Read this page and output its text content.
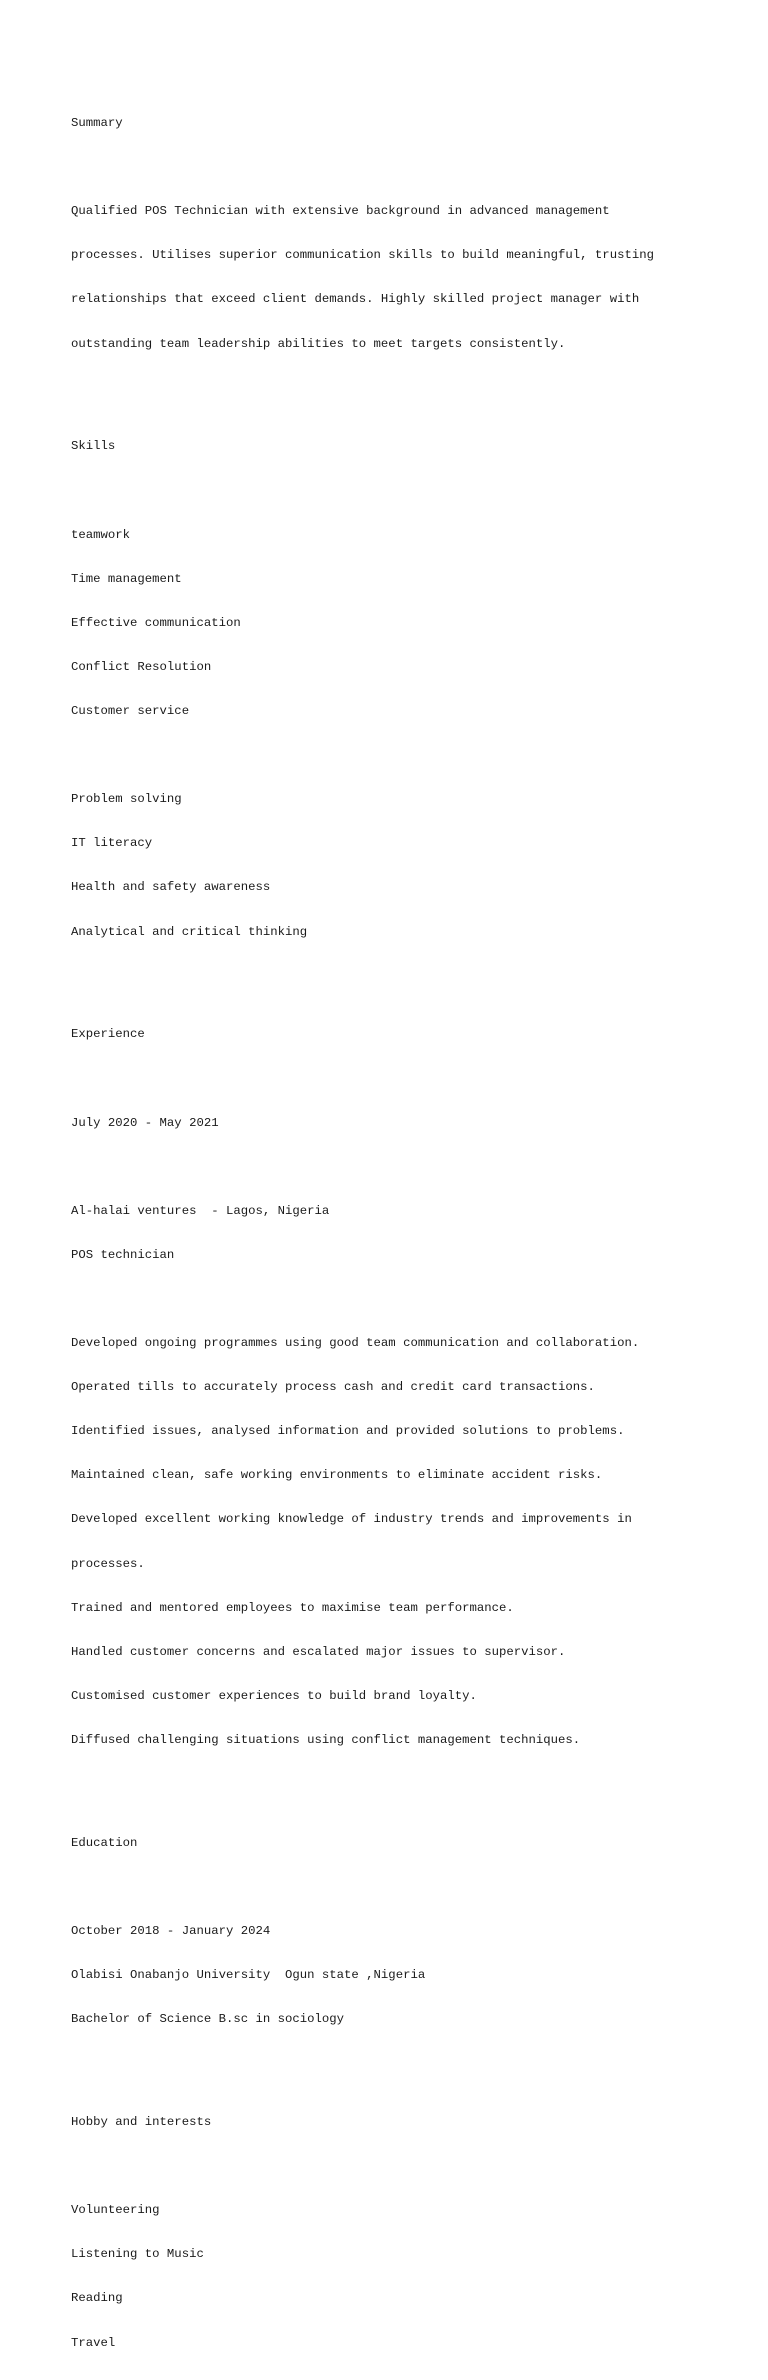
Summary

Qualified POS Technician with extensive background in advanced management

processes. Utilises superior communication skills to build meaningful, trusting

relationships that exceed client demands. Highly skilled project manager with

outstanding team leadership abilities to meet targets consistently.

Skills

teamwork

Time management

Effective communication

Conflict Resolution

Customer service

Problem solving

IT literacy

Health and safety awareness

Analytical and critical thinking

Experience

July 2020 - May 2021

Al-halai ventures  - Lagos, Nigeria

POS technician

Developed ongoing programmes using good team communication and collaboration.

Operated tills to accurately process cash and credit card transactions.

Identified issues, analysed information and provided solutions to problems.

Maintained clean, safe working environments to eliminate accident risks.

Developed excellent working knowledge of industry trends and improvements in

processes.

Trained and mentored employees to maximise team performance.

Handled customer concerns and escalated major issues to supervisor.

Customised customer experiences to build brand loyalty.

Diffused challenging situations using conflict management techniques.

Education

October 2018 - January 2024

Olabisi Onabanjo University  Ogun state ,Nigeria

Bachelor of Science B.sc in sociology

Hobby and interests

Volunteering

Listening to Music

Reading

Travel
